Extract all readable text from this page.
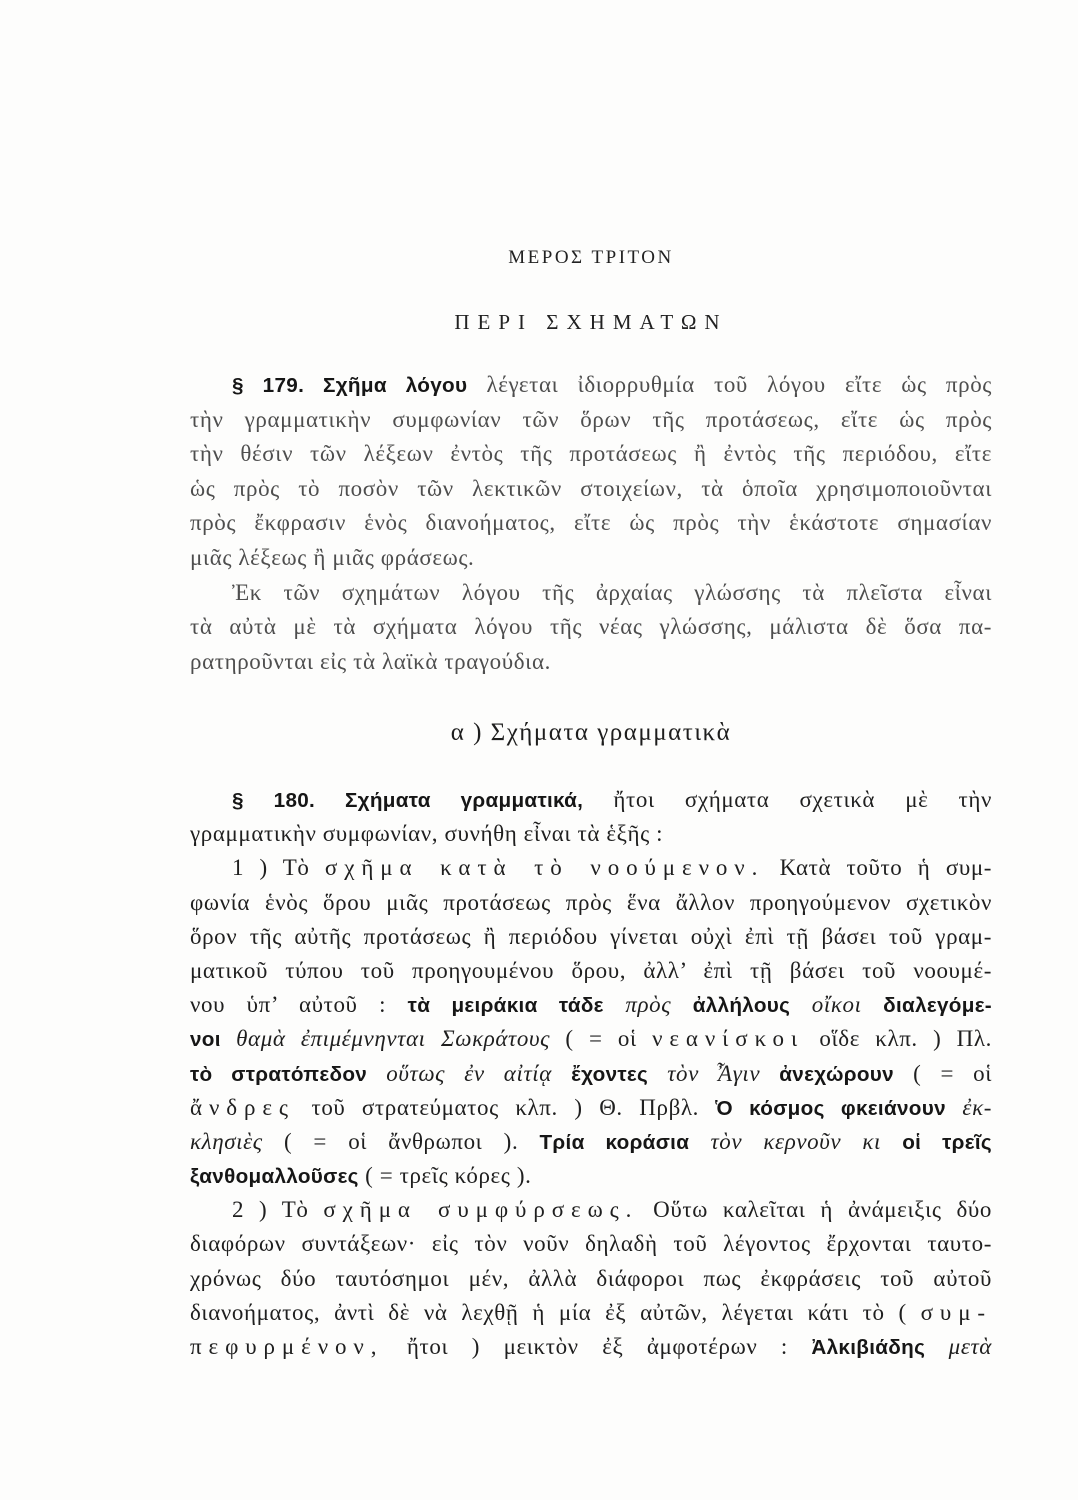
ΜΕΡΟΣ ΤΡΙΤΟΝ
ΠΕΡΙ ΣΧΗΜΑΤΩΝ
§ 179. Σχῆμα λόγου λέγεται ἰδιορρυθμία τοῦ λόγου εἴτε ὡς πρὸς
τὴν γραμματικὴν συμφωνίαν τῶν ὅρων τῆς προτάσεως, εἴτε ὡς πρὸς
τὴν θέσιν τῶν λέξεων ἐντὸς τῆς προτάσεως ἢ ἐντὸς τῆς περιόδου, εἴτε
ὡς πρὸς τὸ ποσὸν τῶν λεκτικῶν στοιχείων, τὰ ὁποῖα χρησιμοποιοῦνται
πρὸς ἔκφρασιν ἑνὸς διανοήματος, εἴτε ὡς πρὸς τὴν ἑκάστοτε σημασίαν
μιᾶς λέξεως ἢ μιᾶς φράσεως.
Ἐκ τῶν σχημάτων λόγου τῆς ἀρχαίας γλώσσης τὰ πλεῖστα εἶναι
τὰ αὐτὰ μὲ τὰ σχήματα λόγου τῆς νέας γλώσσης, μάλιστα δὲ ὅσα πα-
ρατηροῦνται εἰς τὰ λαϊκὰ τραγούδια.
α ) Σχήματα γραμματικὰ
§ 180. Σχήματα γραμματικά, ἤτοι σχήματα σχετικὰ μὲ τὴν
γραμματικὴν συμφωνίαν, συνήθη εἶναι τὰ ἑξῆς :
1 ) Τὸ σχῆμα κατὰ τὸ νοούμενον. Κατὰ τοῦτο ἡ συμ-
φωνία ἑνὸς ὅρου μιᾶς προτάσεως πρὸς ἕνα ἄλλον προηγούμενον σχετικὸν
ὅρον τῆς αὐτῆς προτάσεως ἢ περιόδου γίνεται οὐχὶ ἐπὶ τῇ βάσει τοῦ γραμ-
ματικοῦ τύπου τοῦ προηγουμένου ὅρου, ἀλλ’ ἐπὶ τῇ βάσει τοῦ νοουμέ-
νου ὑπ’ αὐτοῦ : τὰ μειράκια τάδε πρὸς ἀλλήλους οἴκοι διαλεγόμε-
νοι θαμὰ ἐπιμέμνηνται Σωκράτους ( = οἱ νεανίσκοι οἵδε κλπ. ) Πλ.
τὸ στρατόπεδον οὕτως ἐν αἰτίᾳ ἔχοντες τὸν Ἆγιν ἀνεχώρουν ( = οἱ
ἄνδρες τοῦ στρατεύματος κλπ. ) Θ. Πρβλ. Ὁ κόσμος φκειάνουν ἐκ-
κλησιὲς ( = οἱ ἄνθρωποι ). Τρία κοράσια τὸν κερνοῦν κι οἱ τρεῖς
ξανθομαλλοῦσες ( = τρεῖς κόρες ).
2 ) Τὸ σχῆμα συμφύρσεως. Οὕτω καλεῖται ἡ ἀνάμειξις δύο
διαφόρων συντάξεων· εἰς τὸν νοῦν δηλαδὴ τοῦ λέγοντος ἔρχονται ταυτο-
χρόνως δύο ταυτόσημοι μέν, ἀλλὰ διάφοροι πως ἐκφράσεις τοῦ αὐτοῦ
διανοήματος, ἀντὶ δὲ νὰ λεχθῇ ἡ μία ἐξ αὐτῶν, λέγεται κάτι τὸ ( συμ-
πεφυρμένον, ἤτοι ) μεικτὸν ἐξ ἀμφοτέρων : Ἀλκιβιάδης μετὰ
